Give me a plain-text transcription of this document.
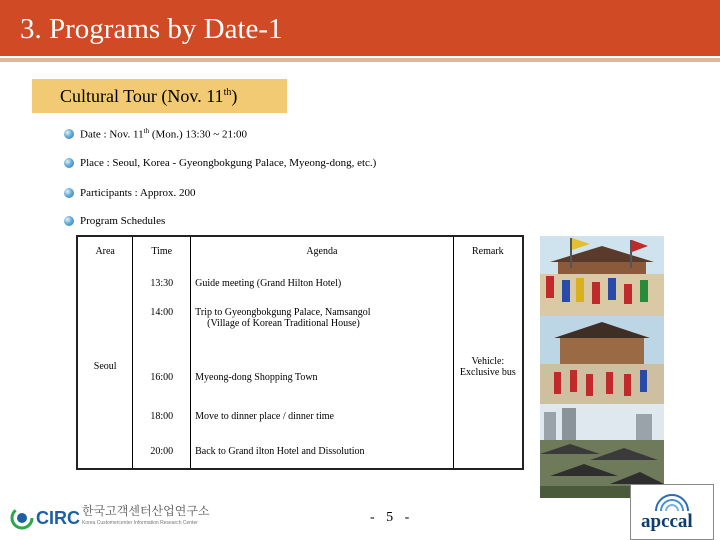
3. Programs by Date-1
Cultural Tour (Nov. 11th)
Date : Nov. 11th (Mon.) 13:30 ~ 21:00
Place : Seoul, Korea - Gyeongbokgung Palace, Myeong-dong, etc.)
Participants : Approx. 200
Program Schedules
Area	Time	Agenda	Remark
Seoul	13:30	Guide meeting (Grand Hilton Hotel)	Vehicle: Exclusive bus
	14:00	Trip to Gyeongbokgung Palace, Namsangol
(Village of Korean Traditional House)	

	16:00	Myeong-dong Shopping Town	
	18:00	Move to dinner place / dinner time	
	20:00	Back to Grand ilton Hotel and Dissolution	
CIRC 한국고객센터산업연구소
Korea Customercenter Information Research Center	- 5 -	apccal
